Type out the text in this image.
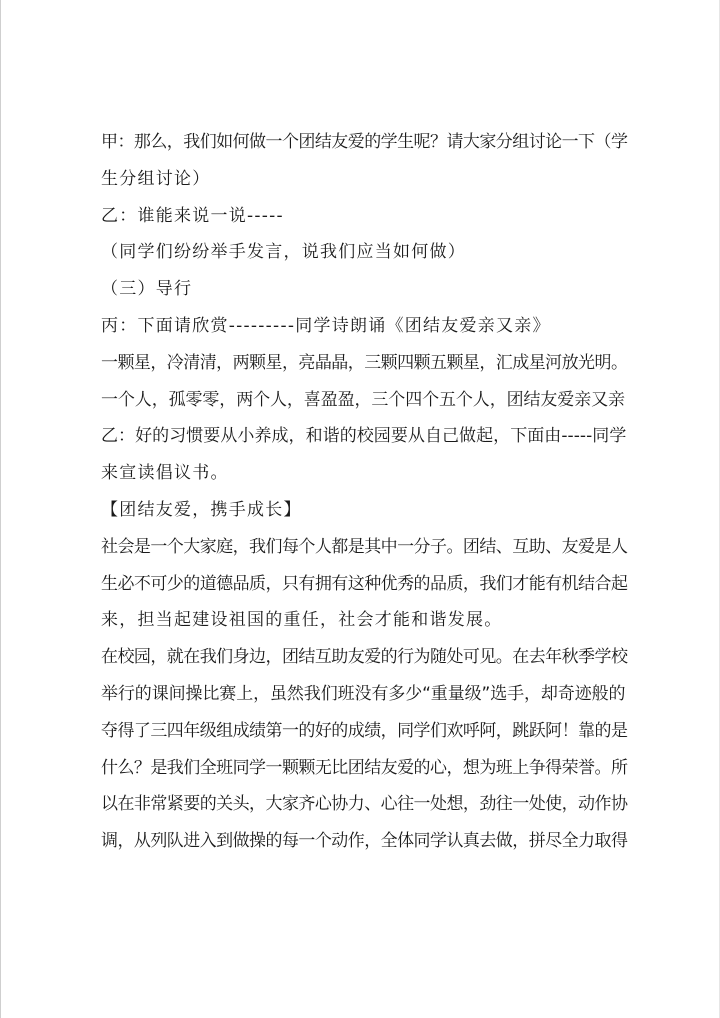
甲：那么，我们如何做一个团结友爱的学生呢？请大家分组讨论一下（学
生分组讨论）
乙：谁能来说一说-----
（同学们纷纷举手发言，说我们应当如何做）
（三）导行
丙：下面请欣赏---------同学诗朗诵《团结友爱亲又亲》
一颗星，冷清清，两颗星，亮晶晶，三颗四颗五颗星，汇成星河放光明。
一个人，孤零零，两个人，喜盈盈，三个四个五个人，团结友爱亲又亲
乙：好的习惯要从小养成，和谐的校园要从自己做起，下面由-----同学
来宣读倡议书。
【团结友爱，携手成长】
社会是一个大家庭，我们每个人都是其中一分子。团结、互助、友爱是人
生必不可少的道德品质，只有拥有这种优秀的品质，我们才能有机结合起
来，担当起建设祖国的重任，社会才能和谐发展。
在校园，就在我们身边，团结互助友爱的行为随处可见。在去年秋季学校
举行的课间操比赛上，虽然我们班没有多少“重量级”选手，却奇迹般的
夺得了三四年级组成绩第一的好的成绩，同学们欢呼阿，跳跃阿！靠的是
什么？是我们全班同学一颗颗无比团结友爱的心，想为班上争得荣誉。所
以在非常紧要的关头，大家齐心协力、心往一处想，劲往一处使，动作协
调，从列队进入到做操的每一个动作，全体同学认真去做，拼尽全力取得
